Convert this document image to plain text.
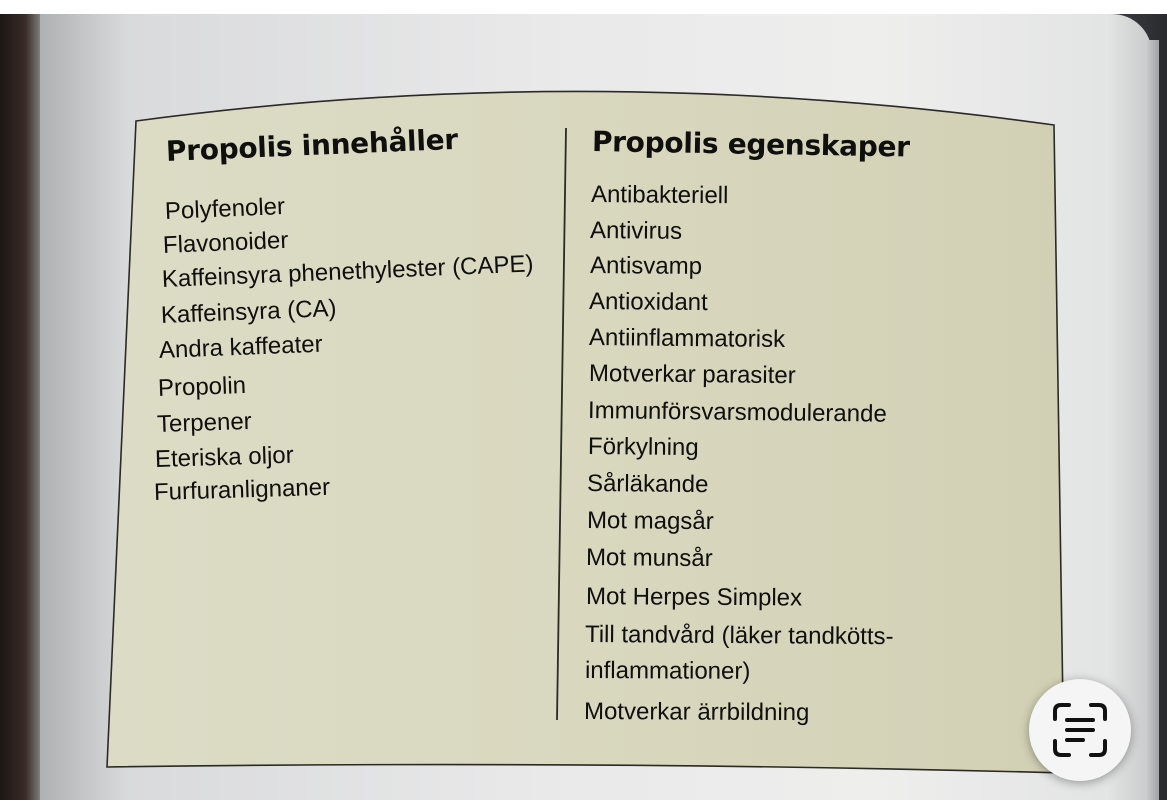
Propolis innehåller
Polyfenoler
Flavonoider
Kaffeinsyra phenethylester (CAPE)
Kaffeinsyra (CA)
Andra kaffeater
Propolin
Terpener
Eteriska oljor
Furfuranlignaner
Propolis egenskaper
Antibakteriell
Antivirus
Antisvamp
Antioxidant
Antiinflammatorisk
Motverkar parasiter
Immunförsvarsmodulerande
Förkylning
Sårläkande
Mot magsår
Mot munsår
Mot Herpes Simplex
Till tandvård (läker tandkötts-
inflammationer)
Motverkar ärrbildning
